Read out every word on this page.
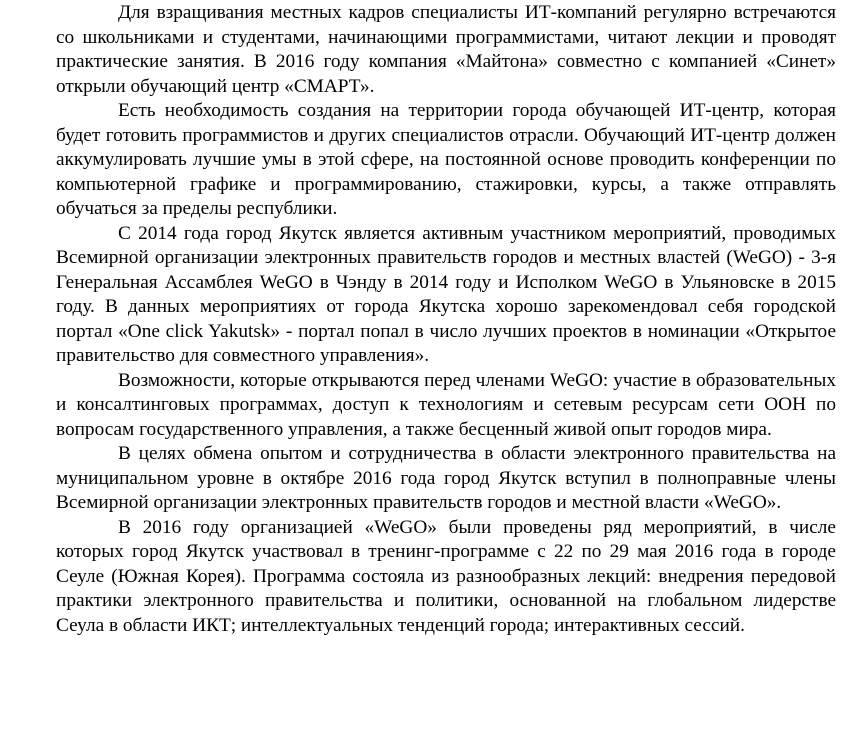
Для взращивания местных кадров специалисты ИТ-компаний регулярно встречаются со школьниками и студентами, начинающими программистами, читают лекции и проводят практические занятия. В 2016 году компания «Майтона» совместно с компанией «Синет» открыли обучающий центр «СМАРТ».

Есть необходимость создания на территории города обучающей ИТ-центр, которая будет готовить программистов и других специалистов отрасли. Обучающий ИТ-центр должен аккумулировать лучшие умы в этой сфере, на постоянной основе проводить конференции по компьютерной графике и программированию, стажировки, курсы, а также отправлять обучаться за пределы республики.

С 2014 года город Якутск является активным участником мероприятий, проводимых Всемирной организации электронных правительств городов и местных властей (WeGO) - 3-я Генеральная Ассамблея WeGO в Чэнду в 2014 году и Исполком WeGO в Ульяновске в 2015 году. В данных мероприятиях от города Якутска хорошо зарекомендовал себя городской портал «One click Yakutsk» - портал попал в число лучших проектов в номинации «Открытое правительство для совместного управления».

Возможности, которые открываются перед членами WeGO: участие в образовательных и консалтинговых программах, доступ к технологиям и сетевым ресурсам сети ООН по вопросам государственного управления, а также бесценный живой опыт городов мира.

В целях обмена опытом и сотрудничества в области электронного правительства на муниципальном уровне в октябре 2016 года город Якутск вступил в полноправные члены Всемирной организации электронных правительств городов и местной власти «WeGO».

В 2016 году организацией «WeGO» были проведены ряд мероприятий, в числе которых город Якутск участвовал в тренинг-программе с 22 по 29 мая 2016 года в городе Сеуле (Южная Корея). Программа состояла из разнообразных лекций: внедрения передовой практики электронного правительства и политики, основанной на глобальном лидерстве Сеула в области ИКТ; интеллектуальных тенденций города; интерактивных сессий.
